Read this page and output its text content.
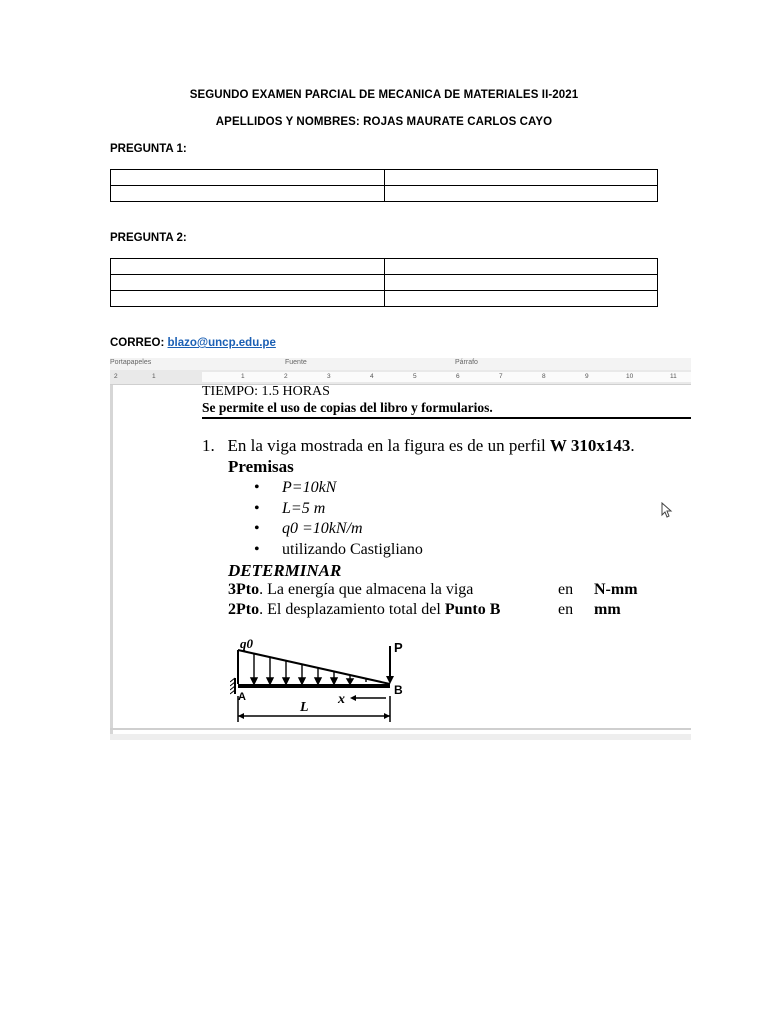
SEGUNDO EXAMEN PARCIAL DE MECANICA DE MATERIALES II-2021
APELLIDOS Y NOMBRES: ROJAS MAURATE CARLOS CAYO
PREGUNTA 1:

PREGUNTA 2:

CORREO: blazo@uncp.edu.pe
Portapapeles	Fuente	Párrafo
2	1	1	2	3	4	5	6	7	8	9	10	11
TIEMPO: 1.5 HORAS
Se permite el uso de copias del libro y formularios.
1. En la viga mostrada en la figura es de un perfil W 310x143.
Premisas
• P=10kN
• L=5 m
• q0 =10kN/m
• utilizando Castigliano
DETERMINAR
3Pto. La energía que almacena la viga	en N-mm
2Pto. El desplazamiento total del Punto B	en mm
P
q0
A	B
x
L
